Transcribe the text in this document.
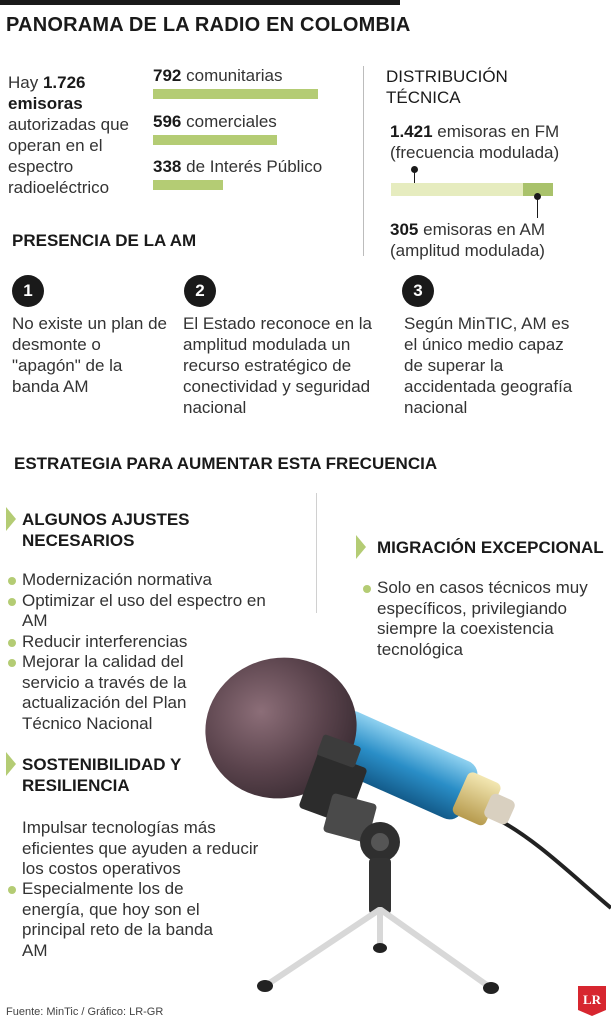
PANORAMA DE LA RADIO EN COLOMBIA
Hay 1.726
emisoras autorizadas que operan en el espectro radioeléctrico
792 comunitarias
596 comerciales
338 de Interés Público
DISTRIBUCIÓN
TÉCNICA
1.421 emisoras en FM
(frecuencia modulada)
305 emisoras en AM
(amplitud modulada)
PRESENCIA DE LA AM
1
No existe un plan de desmonte o "apagón" de la banda AM
2
El Estado reconoce en la amplitud modulada un recurso estratégico de conectividad y seguridad nacional
3
Según MinTIC, AM es el único medio capaz de superar la accidentada geografía nacional
ESTRATEGIA PARA AUMENTAR ESTA FRECUENCIA
ALGUNOS AJUSTES NECESARIOS	MIGRACIÓN EXCEPCIONAL
Modernización normativa
Optimizar el uso del espectro en AM
Reducir interferencias
Mejorar la calidad del servicio a través de la actualización del Plan Técnico Nacional
Solo en casos técnicos muy específicos, privilegiando siempre la coexistencia tecnológica
SOSTENIBILIDAD Y RESILIENCIA
Impulsar tecnologías más eficientes que ayuden a reducir los costos operativos
Especialmente los de energía, que hoy son el principal reto de la banda AM
Fuente: MinTic / Gráfico: LR-GR
LR
